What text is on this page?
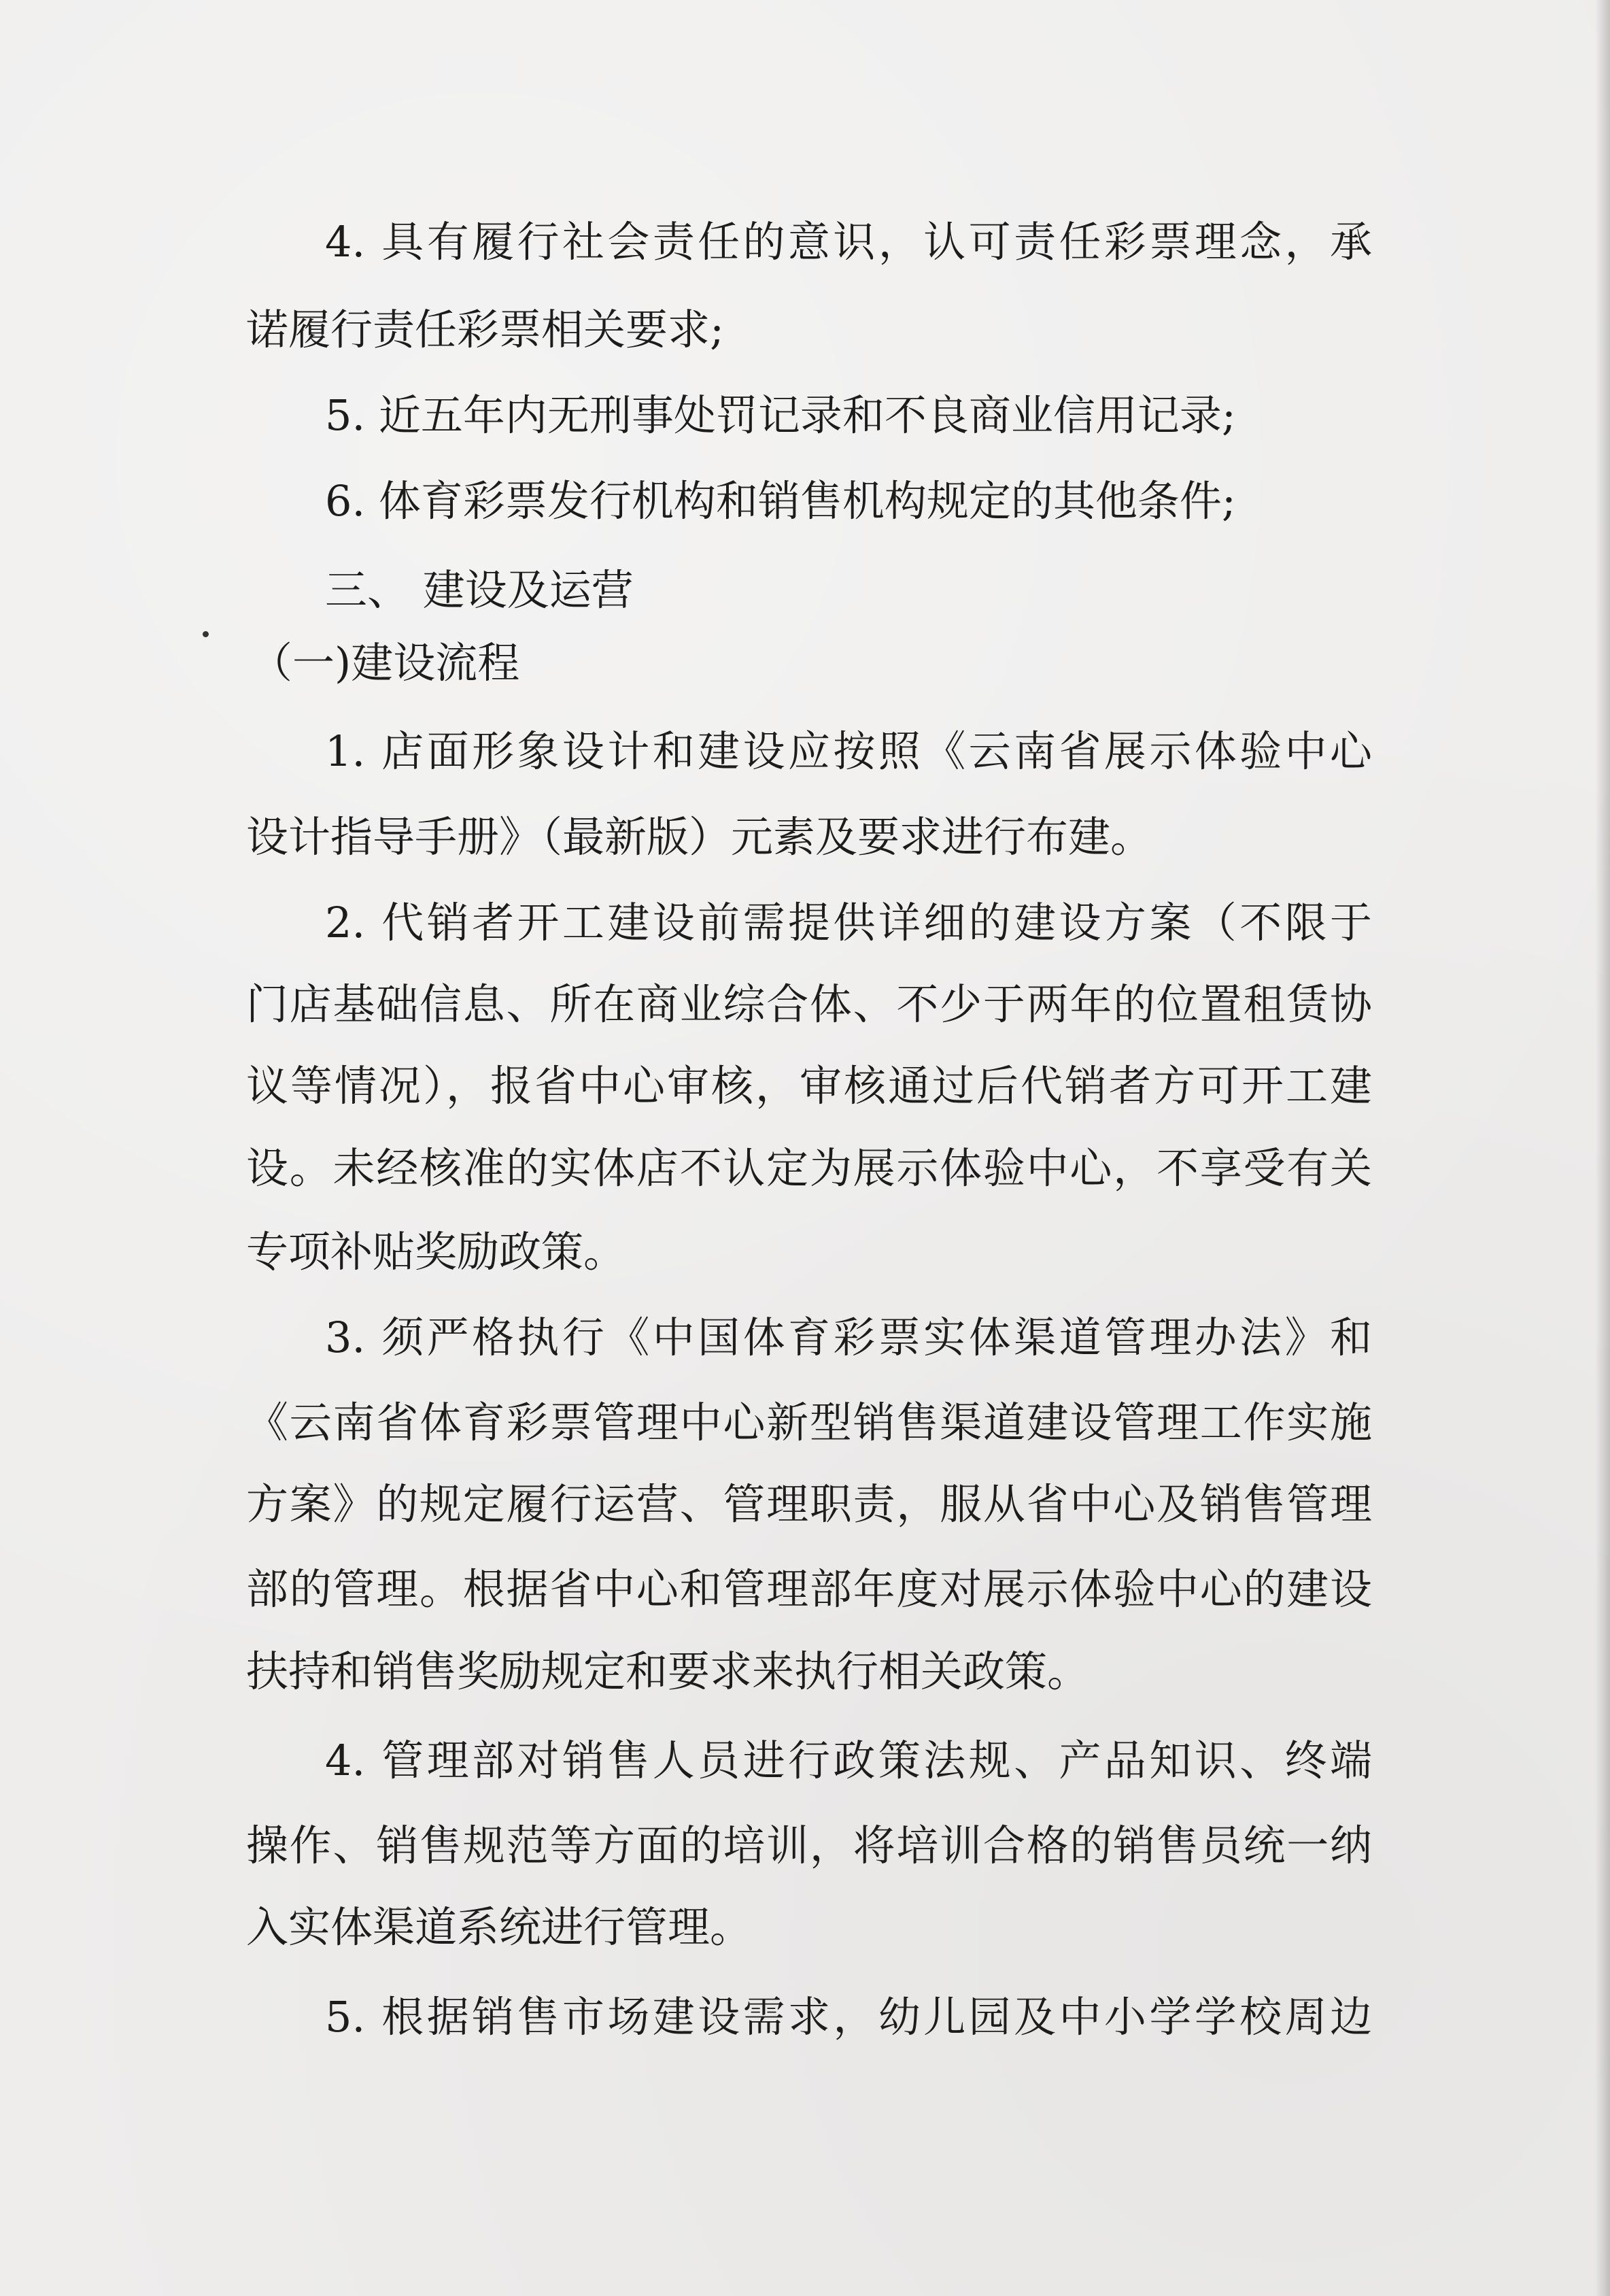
4. 具有履行社会责任的意识，认可责任彩票理念，承
诺履行责任彩票相关要求;
5. 近五年内无刑事处罚记录和不良商业信用记录;
6. 体育彩票发行机构和销售机构规定的其他条件;
三、 建设及运营
（一)建设流程
1. 店面形象设计和建设应按照《云南省展示体验中心
设计指导手册》（最新版）元素及要求进行布建。
2. 代销者开工建设前需提供详细的建设方案（不限于
门店基础信息、所在商业综合体、不少于两年的位置租赁协
议等情况），报省中心审核，审核通过后代销者方可开工建
设。未经核准的实体店不认定为展示体验中心，不享受有关
专项补贴奖励政策。
3. 须严格执行《中国体育彩票实体渠道管理办法》和
《云南省体育彩票管理中心新型销售渠道建设管理工作实施
方案》的规定履行运营、管理职责，服从省中心及销售管理
部的管理。根据省中心和管理部年度对展示体验中心的建设
扶持和销售奖励规定和要求来执行相关政策。
4. 管理部对销售人员进行政策法规、产品知识、终端
操作、销售规范等方面的培训，将培训合格的销售员统一纳
入实体渠道系统进行管理。
5. 根据销售市场建设需求，幼儿园及中小学学校周边
